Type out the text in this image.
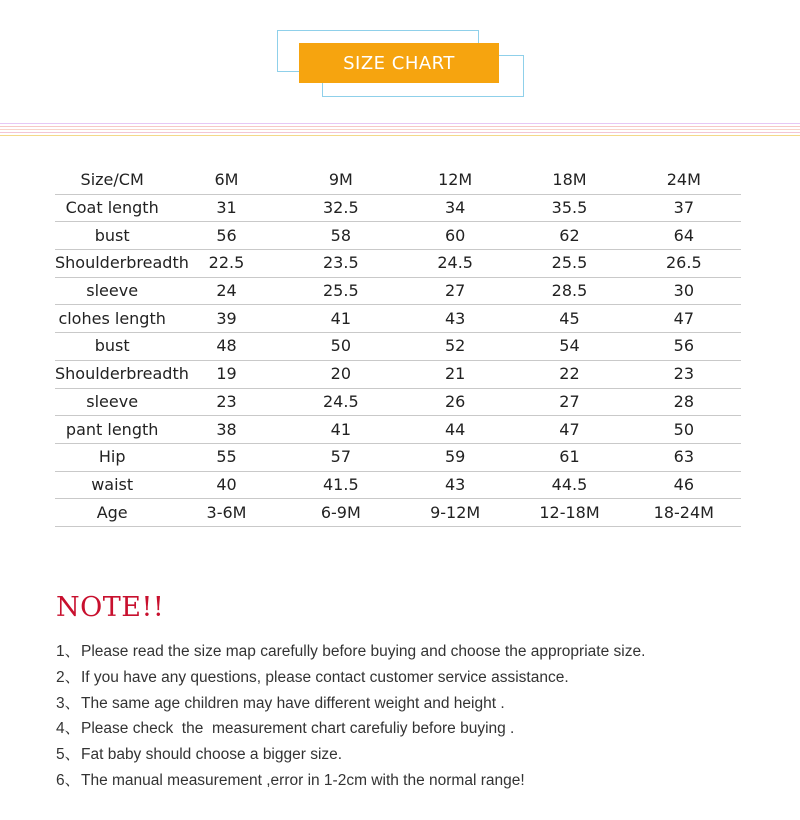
SIZE CHART
Size/CM	6M	9M	12M	18M	24M
Coat length	31	32.5	34	35.5	37
bust	56	58	60	62	64
Shoulderbreadth	22.5	23.5	24.5	25.5	26.5
sleeve	24	25.5	27	28.5	30
clohes length	39	41	43	45	47
bust	48	50	52	54	56
Shoulderbreadth	19	20	21	22	23
sleeve	23	24.5	26	27	28
pant length	38	41	44	47	50
Hip	55	57	59	61	63
waist	40	41.5	43	44.5	46
Age	3-6M	6-9M	9-12M	12-18M	18-24M
NOTE!!
1、Please read the size map carefully before buying and choose the appropriate size.
2、If you have any questions, please contact customer service assistance.
3、The same age children may have different weight and height .
4、Please check  the  measurement chart carefuliy before buying .
5、Fat baby should choose a bigger size.
6、The manual measurement ,error in 1-2cm with the normal range!
